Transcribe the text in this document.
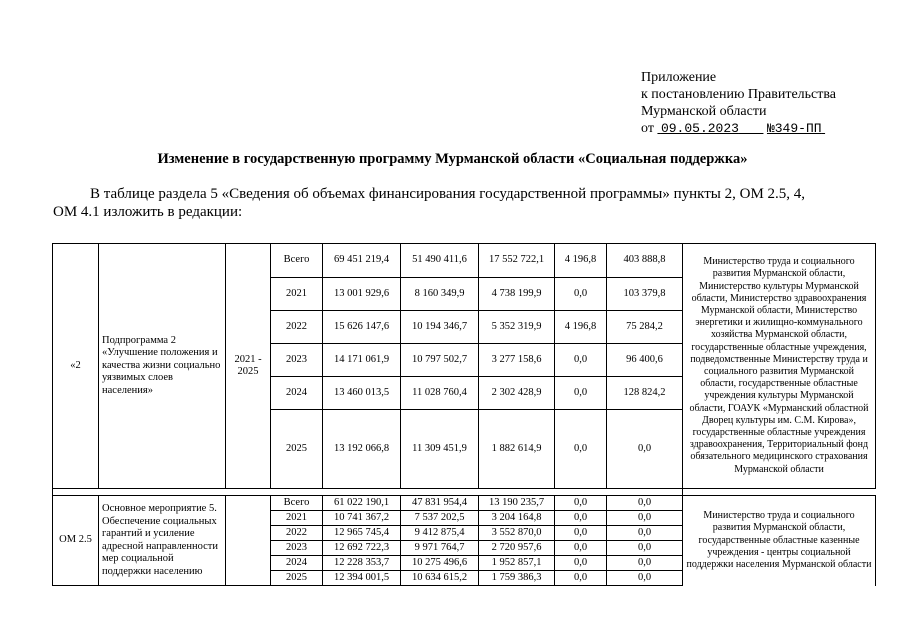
Приложение
к постановлению Правительства
Мурманской области
от 09.05.2023 №349-ПП
Изменение в государственную программу Мурманской области «Социальная поддержка»
В таблице раздела 5 «Сведения об объемах финансирования государственной программы» пункты 2, ОМ 2.5, 4,
ОМ 4.1 изложить в редакции:
«2	Подпрограмма 2 «Улучшение положения и качества жизни социально уязвимых слоев населения»	2021 - 2025	Всего	69 451 219,4	51 490 411,6	17 552 722,1	4 196,8	403 888,8	Министерство труда и социального развития Мурманской области, Министерство культуры Мурманской области, Министерство здравоохранения Мурманской области, Министерство энергетики и жилищно-коммунального хозяйства Мурманской области, государственные областные учреждения, подведомственные Министерству труда и социального развития Мурманской области, государственные областные учреждения культуры Мурманской области, ГОАУК «Мурманский областной Дворец культуры им. С.М. Кирова», государственные областные учреждения здравоохранения, Территориальный фонд обязательного медицинского страхования Мурманской области
			2021	13 001 929,6	8 160 349,9	4 738 199,9	0,0	103 379,8	
			2022	15 626 147,6	10 194 346,7	5 352 319,9	4 196,8	75 284,2	
			2023	14 171 061,9	10 797 502,7	3 277 158,6	0,0	96 400,6	
			2024	13 460 013,5	11 028 760,4	2 302 428,9	0,0	128 824,2	
			2025	13 192 066,8	11 309 451,9	1 882 614,9	0,0	0,0	

ОМ 2.5	Основное мероприятие 5. Обеспечение социальных гарантий и усиление адресной направленности мер социальной поддержки населению		Всего	61 022 190,1	47 831 954,4	13 190 235,7	0,0	0,0	Министерство труда и социального развития Мурманской области, государственные областные казенные учреждения - центры социальной поддержки населения Мурманской области
			2021	10 741 367,2	7 537 202,5	3 204 164,8	0,0	0,0	
			2022	12 965 745,4	9 412 875,4	3 552 870,0	0,0	0,0	
			2023	12 692 722,3	9 971 764,7	2 720 957,6	0,0	0,0	
			2024	12 228 353,7	10 275 496,6	1 952 857,1	0,0	0,0	
			2025	12 394 001,5	10 634 615,2	1 759 386,3	0,0	0,0	
